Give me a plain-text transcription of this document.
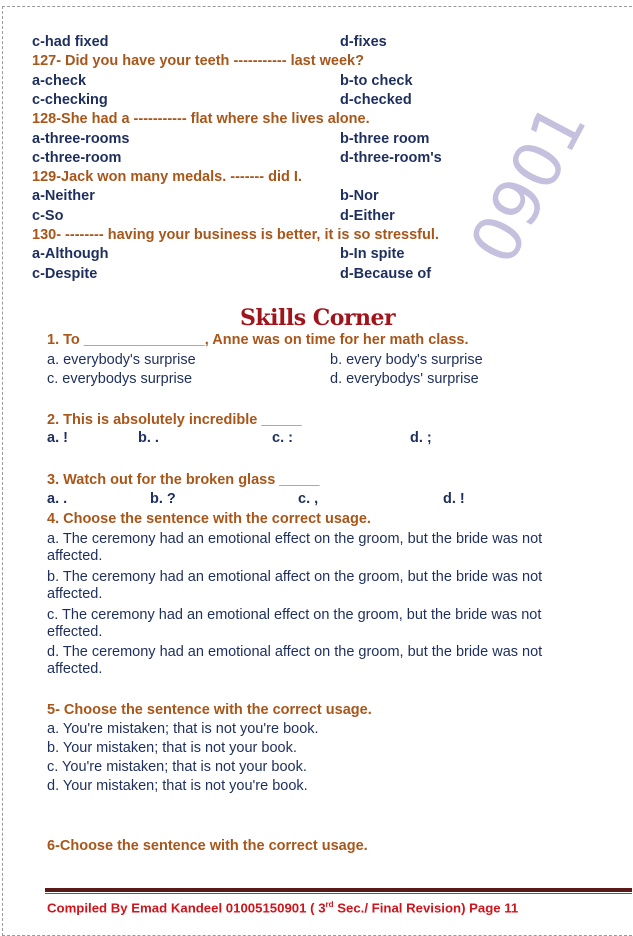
0901
c-had fixed	d-fixes
127- Did you have your teeth ----------- last week?
a-check	b-to check
c-checking	d-checked
128-She had a ----------- flat where she lives alone.
a-three-rooms	b-three room
c-three-room	d-three-room's
129-Jack won many medals. ------- did I.
a-Neither	b-Nor
c-So	d-Either
130- -------- having your business is better, it is so stressful.
a-Although	b-In spite
c-Despite	d-Because of
Skills Corner
1. To _______________, Anne was on time for her math class.
a. everybody's surprise	b. every body's surprise
c. everybodys surprise	d. everybodys' surprise
2. This is absolutely incredible _____
a. !	b. .	c. :	d. ;
3. Watch out for the broken glass _____
a. .	b. ?	c. ,	d. !
4. Choose the sentence with the correct usage.
a. The ceremony had an emotional effect on the groom, but the bride was not
affected.
b. The ceremony had an emotional affect on the groom, but the bride was not
affected.
c. The ceremony had an emotional effect on the groom, but the bride was not
effected.
d. The ceremony had an emotional affect on the groom, but the bride was not
affected.
5- Choose the sentence with the correct usage.
a. You're mistaken; that is not you're book.
b. Your mistaken; that is not your book.
c. You're mistaken; that is not your book.
d. Your mistaken; that is not you're book.
6-Choose the sentence with the correct usage.
Compiled By Emad Kandeel 01005150901 ( 3rd Sec./ Final Revision) Page 11
